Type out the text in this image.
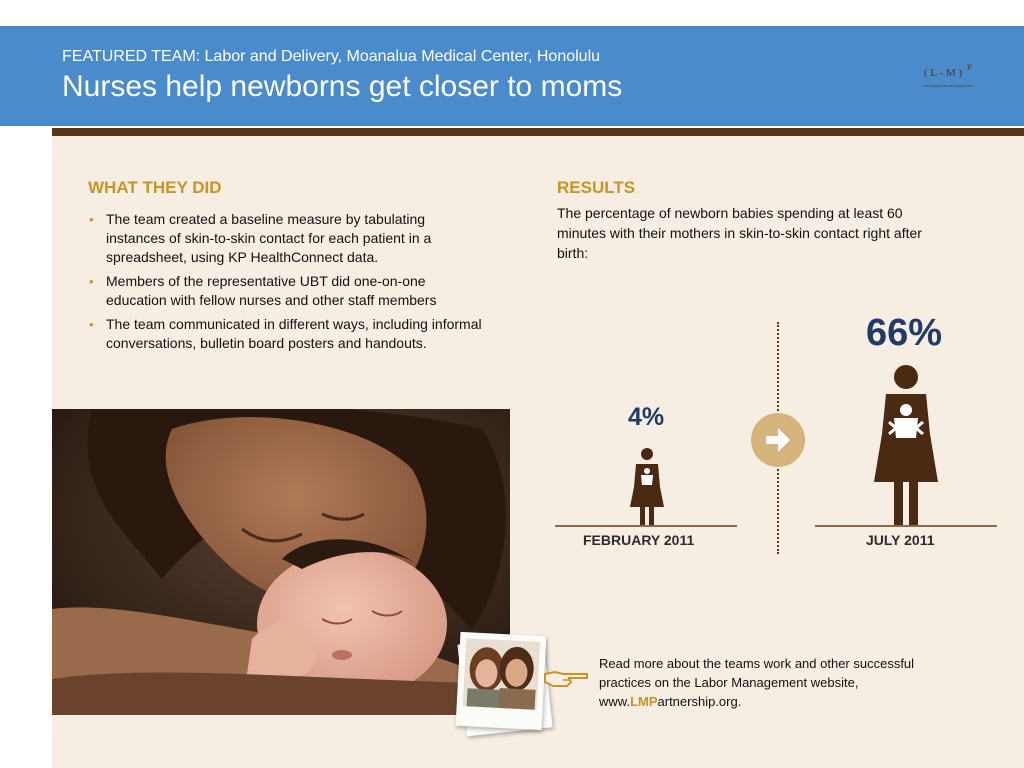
FEATURED TEAM: Labor and Delivery, Moanalua Medical Center, Honolulu
Nurses help newborns get closer to moms	( L - M ) P
WHAT THEY DID
• The team created a baseline measure by tabulating instances of skin-to-skin contact for each patient in a spreadsheet, using KP HealthConnect data.
• Members of the representative UBT did one-on-one education with fellow nurses and other staff members
• The team communicated in different ways, including informal conversations, bulletin board posters and handouts.
RESULTS
The percentage of newborn babies spending at least 60 minutes with their mothers in skin-to-skin contact right after birth:
4%
66%
FEBRUARY 2011	JULY 2011
Read more about the teams work and other successful practices on the Labor Management website, www.LMPartnership.org.
